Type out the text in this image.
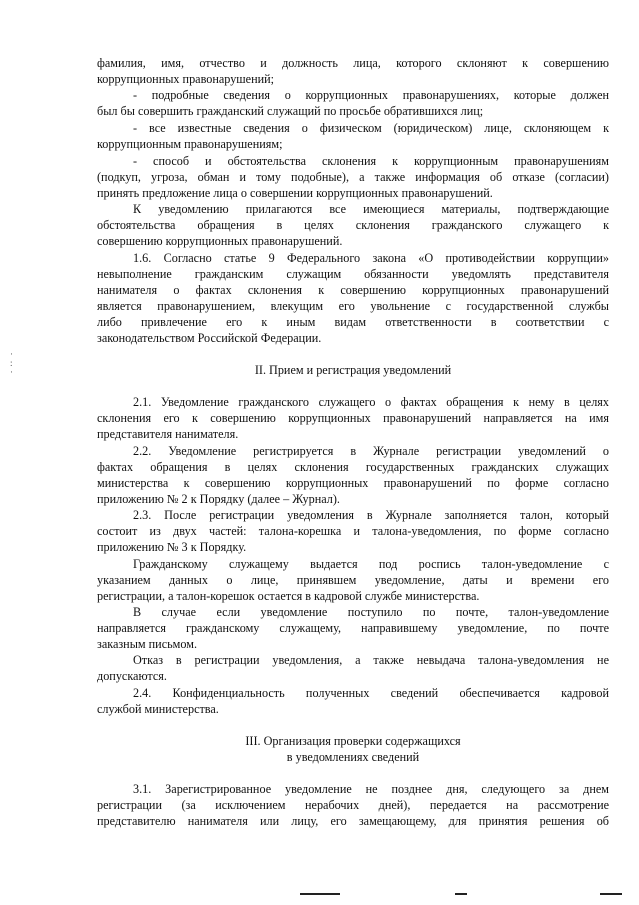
·
:
·
фамилия, имя, отчество и должность лица, которого склоняют к совершению
коррупционных правонарушений;
- подробные сведения о коррупционных правонарушениях, которые должен
был бы совершить гражданский служащий по просьбе обратившихся лиц;
- все известные сведения о физическом (юридическом) лице, склоняющем к
коррупционным правонарушениям;
- способ и обстоятельства склонения к коррупционным правонарушениям
(подкуп, угроза, обман и тому подобные), а также информация об отказе (согласии)
принять предложение лица о совершении коррупционных правонарушений.
К уведомлению прилагаются все имеющиеся материалы, подтверждающие
обстоятельства обращения в целях склонения гражданского служащего к
совершению коррупционных правонарушений.
1.6. Согласно статье 9 Федерального закона «О противодействии коррупции»
невыполнение гражданским служащим обязанности уведомлять представителя
нанимателя о фактах склонения к совершению коррупционных правонарушений
является правонарушением, влекущим его увольнение с государственной службы
либо привлечение его к иным видам ответственности в соответствии с
законодательством Российской Федерации.
II. Прием и регистрация уведомлений
2.1. Уведомление гражданского служащего о фактах обращения к нему в целях
склонения его к совершению коррупционных правонарушений направляется на имя
представителя нанимателя.
2.2. Уведомление регистрируется в Журнале регистрации уведомлений о
фактах обращения в целях склонения государственных гражданских служащих
министерства к совершению коррупционных правонарушений по форме согласно
приложению № 2 к Порядку (далее – Журнал).
2.3. После регистрации уведомления в Журнале заполняется талон, который
состоит из двух частей: талона-корешка и талона-уведомления, по форме согласно
приложению № 3 к Порядку.
Гражданскому служащему выдается под роспись талон-уведомление с
указанием данных о лице, принявшем уведомление, даты и времени его
регистрации, а талон-корешок остается в кадровой службе министерства.
В случае если уведомление поступило по почте, талон-уведомление
направляется гражданскому служащему, направившему уведомление, по почте
заказным письмом.
Отказ в регистрации уведомления, а также невыдача талона-уведомления не
допускаются.
2.4. Конфиденциальность полученных сведений обеспечивается кадровой
службой министерства.
III. Организация проверки содержащихся
в уведомлениях сведений
3.1. Зарегистрированное уведомление не позднее дня, следующего за днем
регистрации (за исключением нерабочих дней), передается на рассмотрение
представителю нанимателя или лицу, его замещающему, для принятия решения об
